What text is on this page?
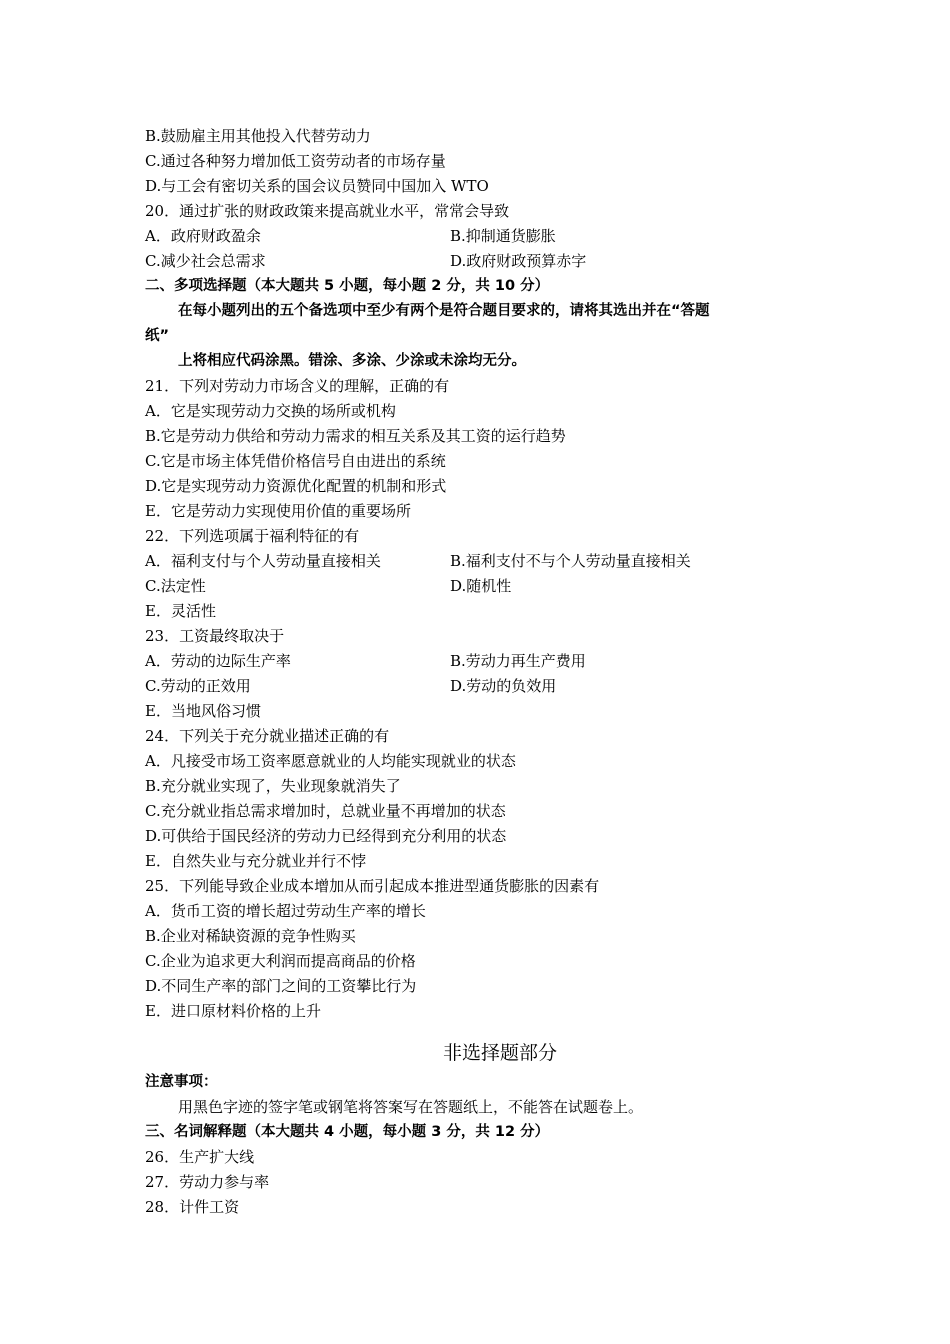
B.鼓励雇主用其他投入代替劳动力
C.通过各种努力增加低工资劳动者的市场存量
D.与工会有密切关系的国会议员赞同中国加入 WTO
20．通过扩张的财政政策来提高就业水平，常常会导致
A．政府财政盈余	B.抑制通货膨胀
C.减少社会总需求	D.政府财政预算赤字
二、多项选择题（本大题共 5 小题，每小题 2 分，共 10 分）
在每小题列出的五个备选项中至少有两个是符合题目要求的，请将其选出并在“答题
纸”
上将相应代码涂黑。错涂、多涂、少涂或未涂均无分。
21．下列对劳动力市场含义的理解，正确的有
A．它是实现劳动力交换的场所或机构
B.它是劳动力供给和劳动力需求的相互关系及其工资的运行趋势
C.它是市场主体凭借价格信号自由进出的系统
D.它是实现劳动力资源优化配置的机制和形式
E．它是劳动力实现使用价值的重要场所
22．下列选项属于福利特征的有
A．福利支付与个人劳动量直接相关	B.福利支付不与个人劳动量直接相关
C.法定性	D.随机性
E．灵活性
23．工资最终取决于
A．劳动的边际生产率	B.劳动力再生产费用
C.劳动的正效用	D.劳动的负效用
E．当地风俗习惯
24．下列关于充分就业描述正确的有
A．凡接受市场工资率愿意就业的人均能实现就业的状态
B.充分就业实现了，失业现象就消失了
C.充分就业指总需求增加时，总就业量不再增加的状态
D.可供给于国民经济的劳动力已经得到充分利用的状态
E．自然失业与充分就业并行不悖
25．下列能导致企业成本增加从而引起成本推进型通货膨胀的因素有
A．货币工资的增长超过劳动生产率的增长
B.企业对稀缺资源的竞争性购买
C.企业为追求更大利润而提高商品的价格
D.不同生产率的部门之间的工资攀比行为
E．进口原材料价格的上升
非选择题部分
注意事项：
用黑色字迹的签字笔或钢笔将答案写在答题纸上，不能答在试题卷上。
三、名词解释题（本大题共 4 小题，每小题 3 分，共 12 分）
26．生产扩大线
27．劳动力参与率
28．计件工资
